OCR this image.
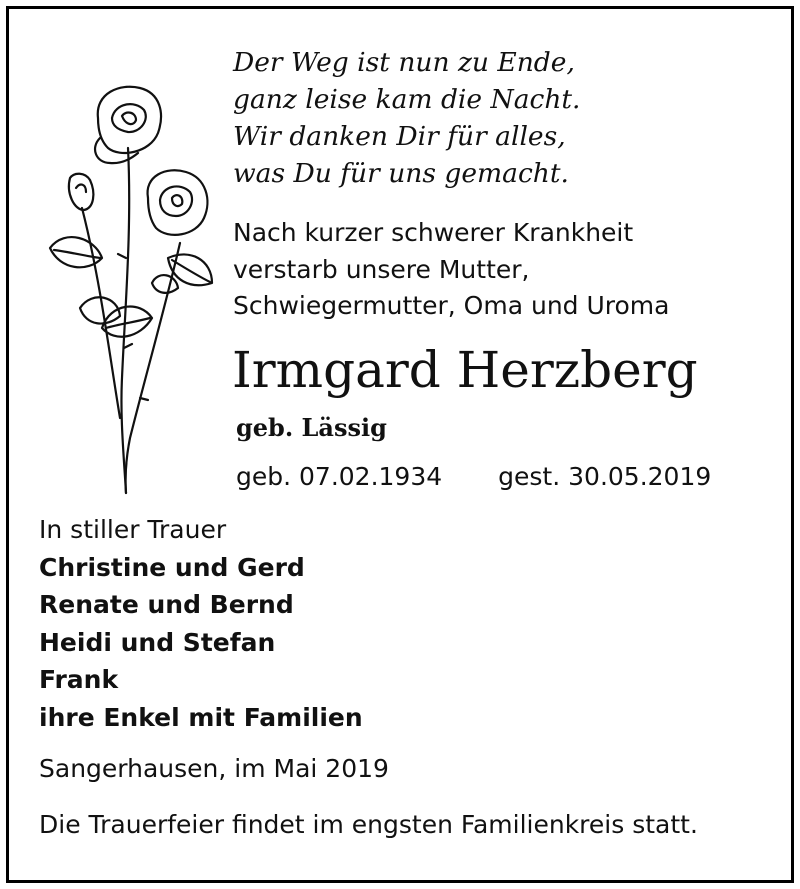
Der Weg ist nun zu Ende,
ganz leise kam die Nacht.
Wir danken Dir für alles,
was Du für uns gemacht.
Nach kurzer schwerer Krankheit
verstarb unsere Mutter,
Schwiegermutter, Oma und Uroma
Irmgard Herzberg
geb. Lässig
geb. 07.02.1934 gest. 30.05.2019
In stiller Trauer
Christine und Gerd
Renate und Bernd
Heidi und Stefan
Frank
ihre Enkel mit Familien
Sangerhausen, im Mai 2019
Die Trauerfeier findet im engsten Familienkreis statt.
